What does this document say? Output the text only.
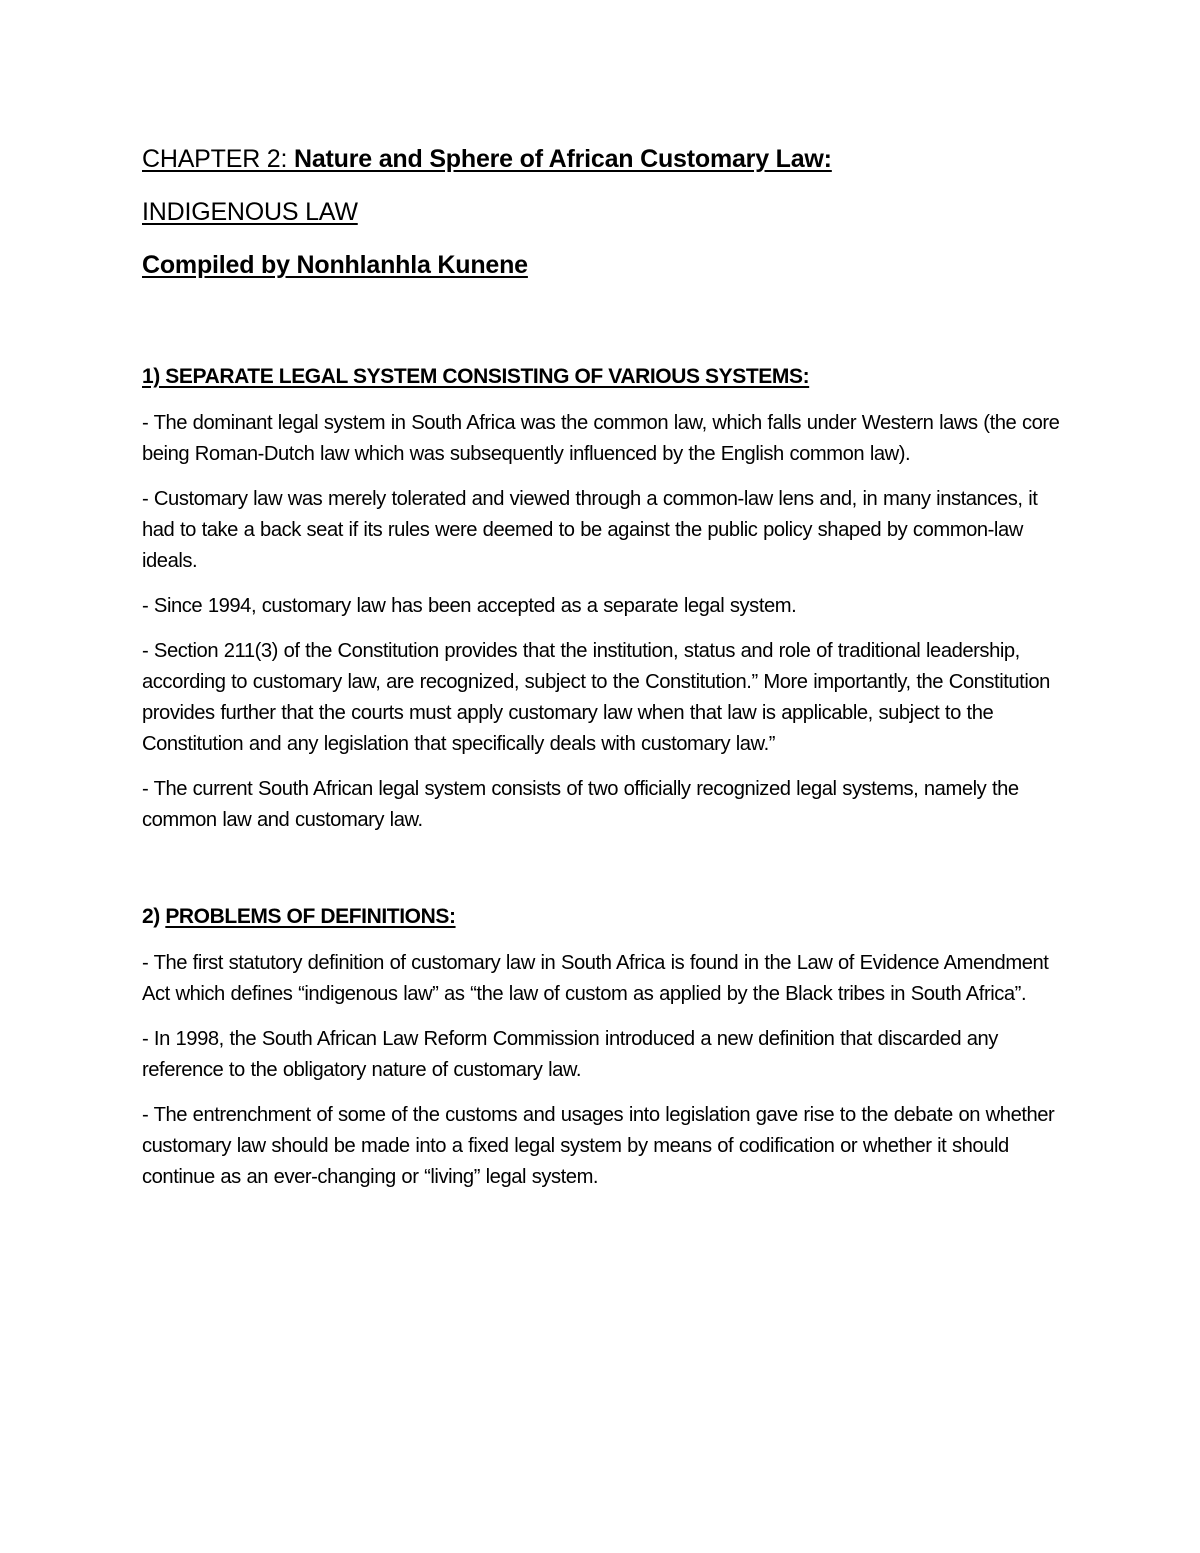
CHAPTER 2: Nature and Sphere of African Customary Law:
INDIGENOUS LAW
Compiled by Nonhlanhla Kunene
1) SEPARATE LEGAL SYSTEM CONSISTING OF VARIOUS SYSTEMS:

- The dominant legal system in South Africa was the common law, which falls under Western laws (the core being Roman-Dutch law which was subsequently influenced by the English common law).

- Customary law was merely tolerated and viewed through a common-law lens and, in many instances, it had to take a back seat if its rules were deemed to be against the public policy shaped by common-law ideals.

- Since 1994, customary law has been accepted as a separate legal system.

- Section 211(3) of the Constitution provides that the institution, status and role of traditional leadership, according to customary law, are recognized, subject to the Constitution.” More importantly, the Constitution provides further that the courts must apply customary law when that law is applicable, subject to the Constitution and any legislation that specifically deals with customary law.”

- The current South African legal system consists of two officially recognized legal systems, namely the common law and customary law.

2) PROBLEMS OF DEFINITIONS:

- The first statutory definition of customary law in South Africa is found in the Law of Evidence Amendment Act which defines “indigenous law” as “the law of custom as applied by the Black tribes in South Africa”.

- In 1998, the South African Law Reform Commission introduced a new definition that discarded any reference to the obligatory nature of customary law.

- The entrenchment of some of the customs and usages into legislation gave rise to the debate on whether customary law should be made into a fixed legal system by means of codification or whether it should continue as an ever-changing or “living” legal system.
